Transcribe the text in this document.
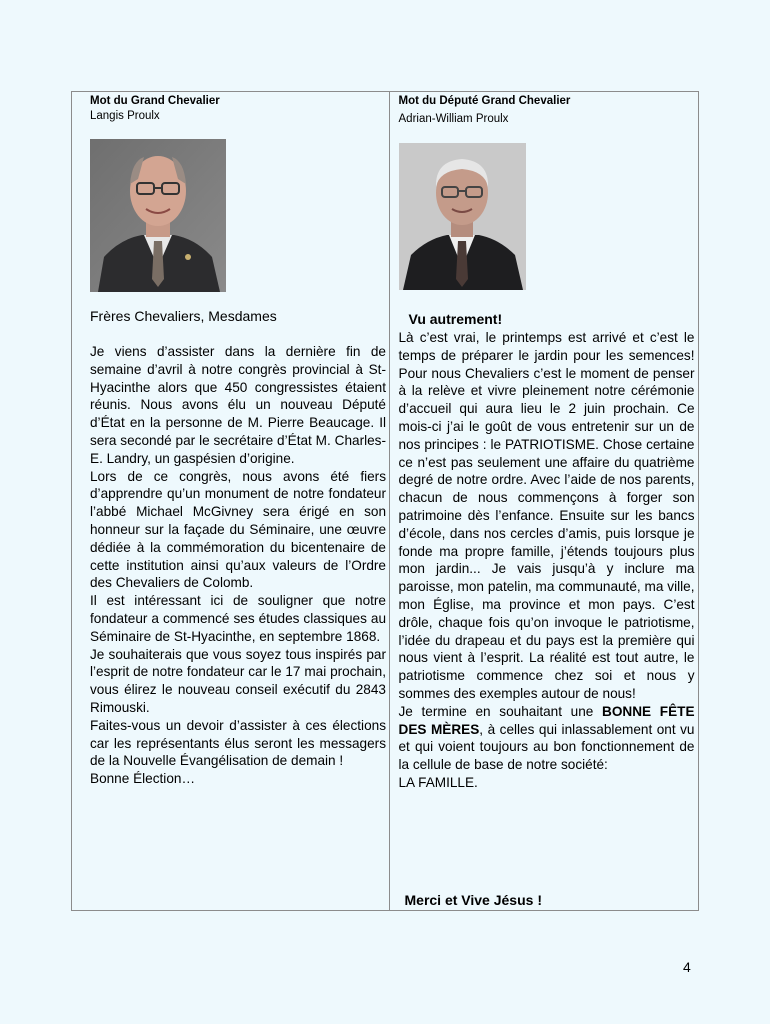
Mot du Grand Chevalier
Langis Proulx
Frères Chevaliers, Mesdames

Je viens d’assister dans la dernière fin de semaine d’avril à notre congrès provincial à St-Hyacinthe alors que 450 congressistes étaient réunis. Nous avons élu un nouveau Député d’État en la personne de M. Pierre Beaucage. Il sera secondé par le secrétaire d’État M. Charles-E. Landry, un gaspésien d’origine.

Lors de ce congrès, nous avons été fiers d’apprendre qu’un monument de notre fondateur l’abbé Michael McGivney sera érigé en son honneur sur la façade du Séminaire, une œuvre dédiée à la commémoration du bicentenaire de cette institution ainsi qu’aux valeurs de l’Ordre des Chevaliers de Colomb.

Il est intéressant ici de souligner que notre fondateur a commencé ses études classiques au Séminaire de St-Hyacinthe, en septembre 1868.

Je souhaiterais que vous soyez tous inspirés par l’esprit de notre fondateur car le 17 mai prochain, vous élirez le nouveau conseil exécutif du 2843 Rimouski.

Faites-vous un devoir d’assister à ces élections car les représentants élus seront les messagers de la Nouvelle Évangélisation de demain !

Bonne Élection…

Mot du Député Grand Chevalier
Adrian-William Proulx
Vu autrement!

Là c’est vrai, le printemps est arrivé et c’est le temps de préparer le jardin pour les semences! Pour nous Chevaliers c’est le moment de penser à la relève et vivre pleinement notre cérémonie d’accueil qui aura lieu le 2 juin prochain. Ce mois-ci j’ai le goût de vous entretenir sur un de nos principes : le PATRIOTISME. Chose certaine ce n’est pas seulement une affaire du quatrième degré de notre ordre. Avec l’aide de nos parents, chacun de nous commençons à forger son patrimoine dès l’enfance. Ensuite sur les bancs d’école, dans nos cercles d’amis, puis lorsque je fonde ma propre famille, j’étends toujours plus mon jardin... Je vais jusqu’à y inclure ma paroisse, mon patelin, ma communauté, ma ville, mon Église, ma province et mon pays. C’est drôle, chaque fois qu’on invoque le patriotisme, l’idée du drapeau et du pays est la première qui nous vient à l’esprit. La réalité est tout autre, le patriotisme commence chez soi et nous y sommes des exemples autour de nous!

Je termine en souhaitant une BONNE FÊTE DES MÈRES, à celles qui inlassablement ont vu et qui voient toujours au bon fonctionnement de la cellule de base de notre société:

LA FAMILLE.

Merci et Vive Jésus !
4
